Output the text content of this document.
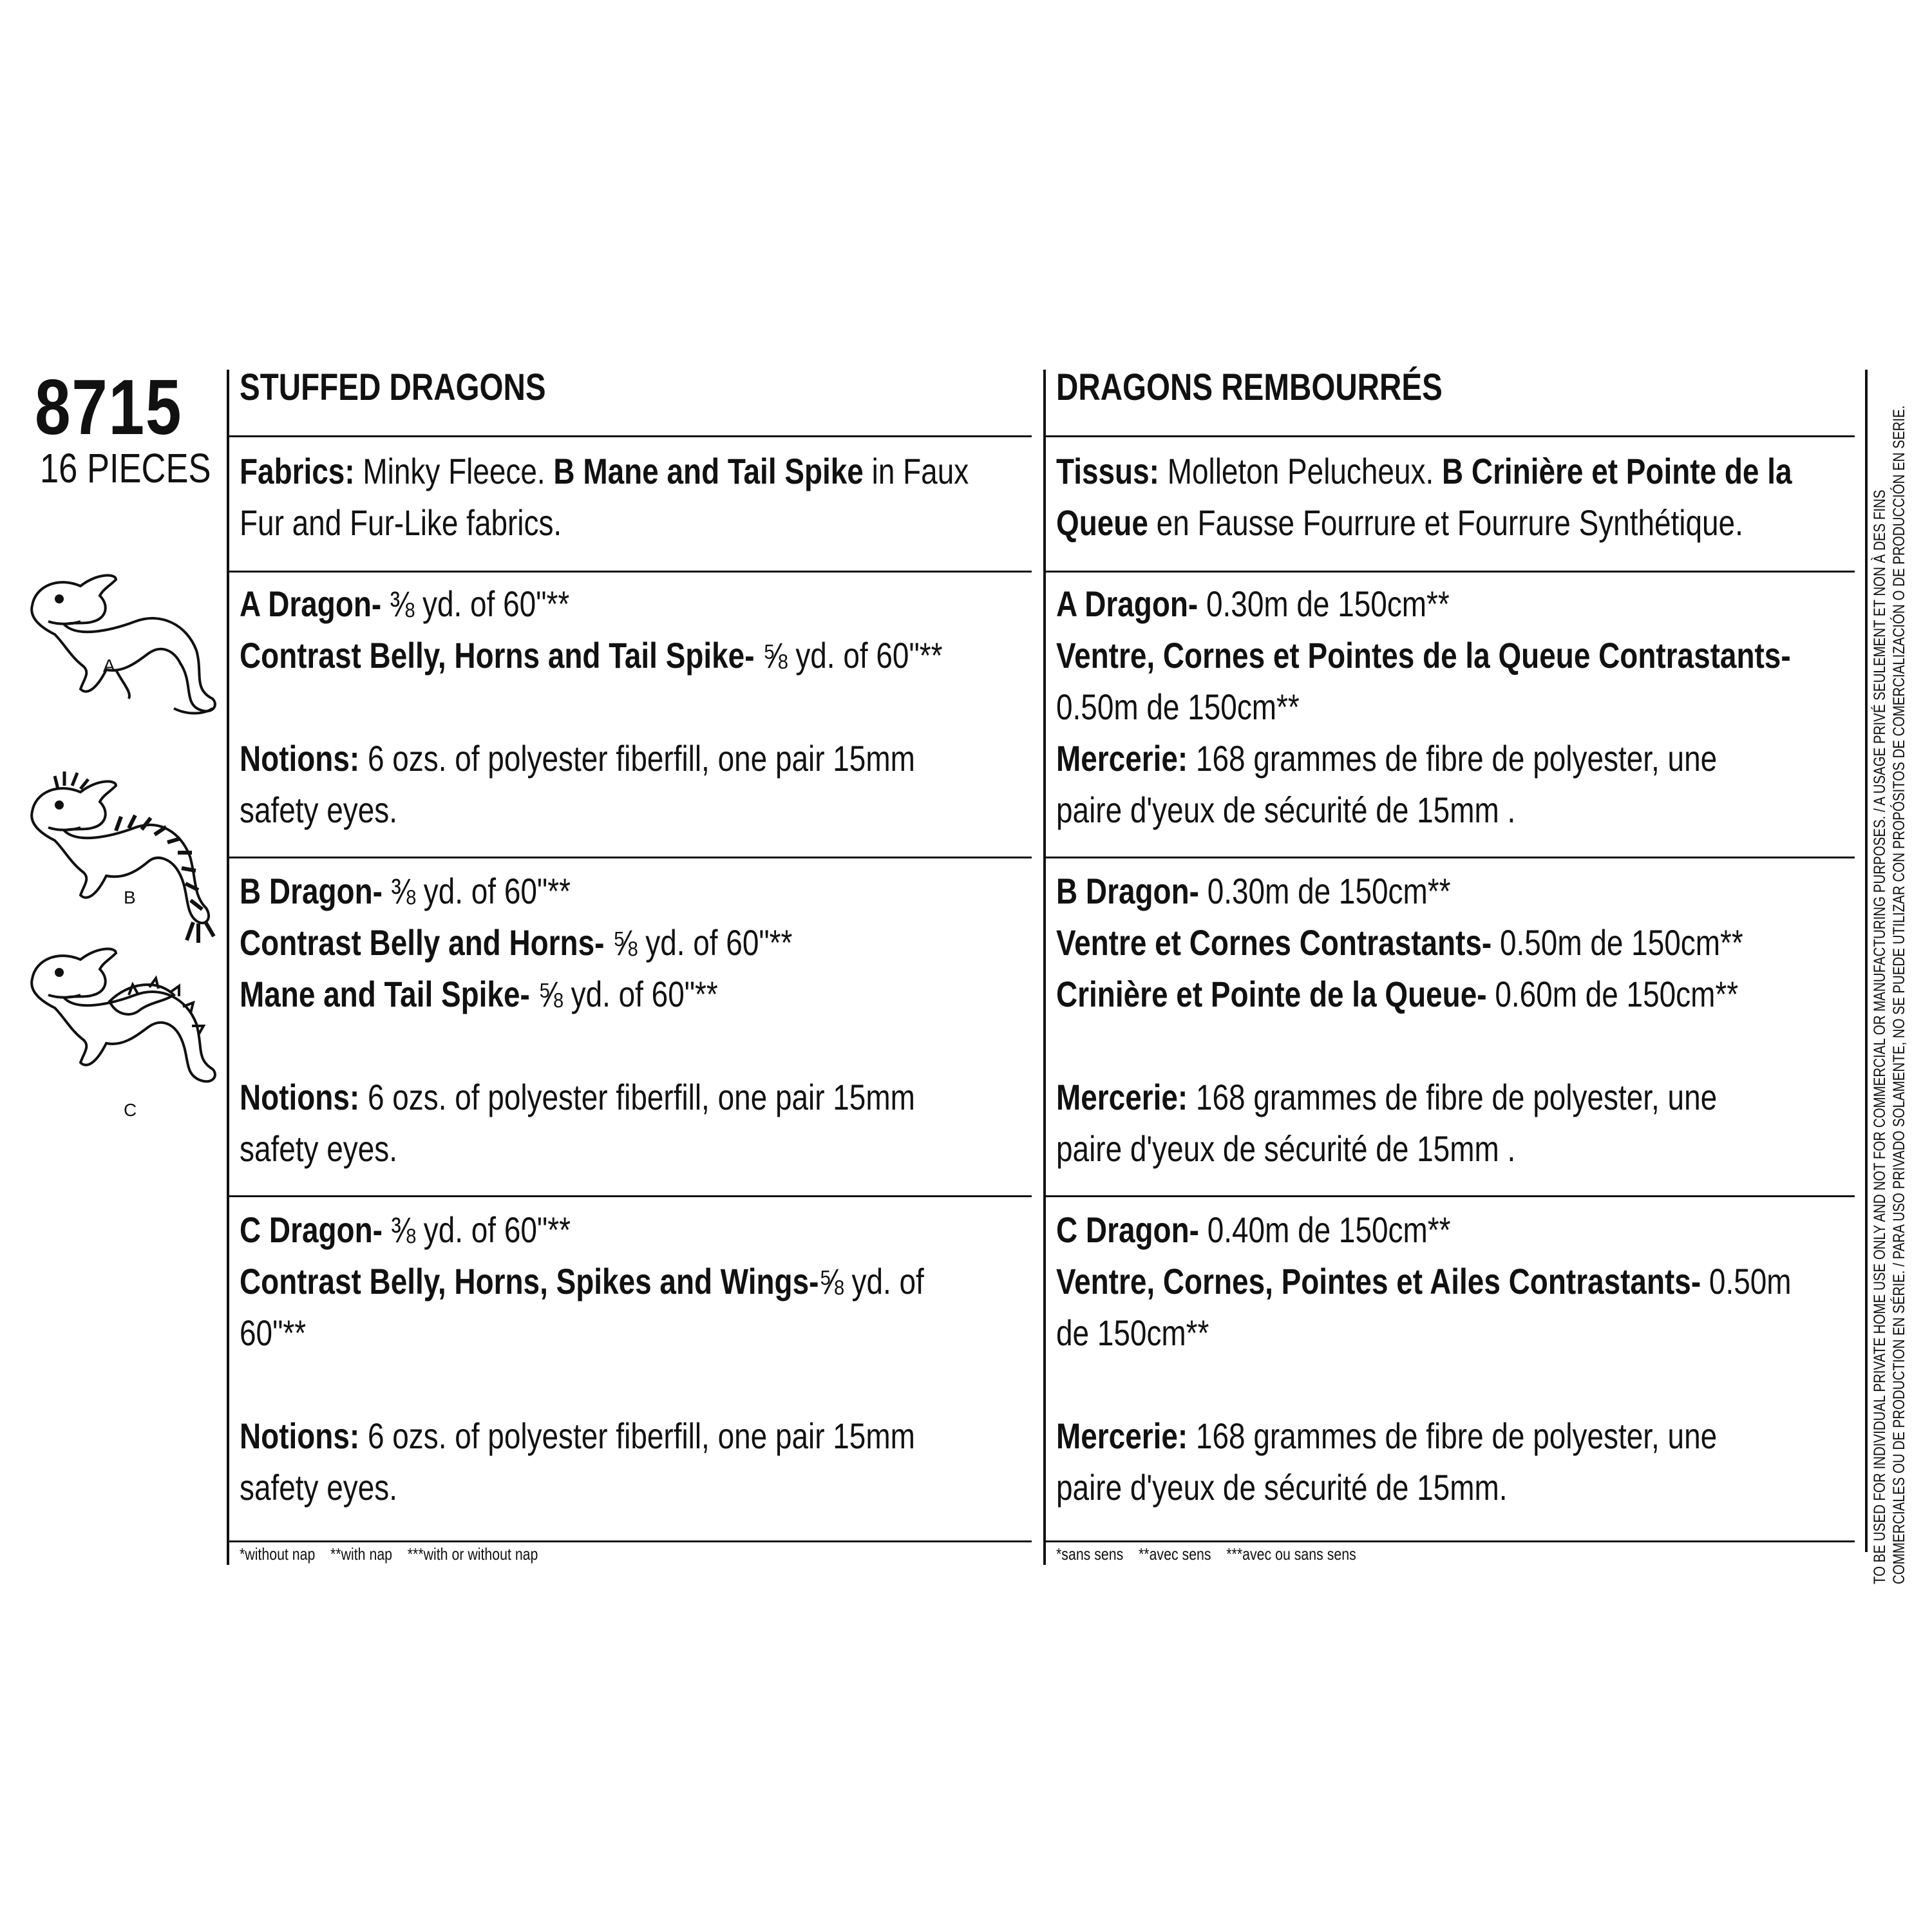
8715
16 PIECES
A
B
C
STUFFED DRAGONS
Fabrics: Minky Fleece. B Mane and Tail Spike in Faux
Fur and Fur-Like fabrics.
A Dragon- ⅜ yd. of 60"**
Contrast Belly, Horns and Tail Spike- ⅝ yd. of 60"**

Notions: 6 ozs. of polyester fiberfill, one pair 15mm
safety eyes.
B Dragon- ⅜ yd. of 60"**
Contrast Belly and Horns- ⅝ yd. of 60"**
Mane and Tail Spike- ⅝ yd. of 60"**

Notions: 6 ozs. of polyester fiberfill, one pair 15mm
safety eyes.
C Dragon- ⅜ yd. of 60"**
Contrast Belly, Horns, Spikes and Wings-⅝ yd. of
60"**

Notions: 6 ozs. of polyester fiberfill, one pair 15mm
safety eyes.
*without nap    **with nap    ***with or without nap
DRAGONS REMBOURRÉS
Tissus: Molleton Pelucheux. B Crinière et Pointe de la
Queue en Fausse Fourrure et Fourrure Synthétique.
A Dragon- 0.30m de 150cm**
Ventre, Cornes et Pointes de la Queue Contrastants-
0.50m de 150cm**
Mercerie: 168 grammes de fibre de polyester, une
paire d'yeux de sécurité de 15mm .
B Dragon- 0.30m de 150cm**
Ventre et Cornes Contrastants- 0.50m de 150cm**
Crinière et Pointe de la Queue- 0.60m de 150cm**

Mercerie: 168 grammes de fibre de polyester, une
paire d'yeux de sécurité de 15mm .
C Dragon- 0.40m de 150cm**
Ventre, Cornes, Pointes et Ailes Contrastants- 0.50m
de 150cm**

Mercerie: 168 grammes de fibre de polyester, une
paire d'yeux de sécurité de 15mm.
*sans sens    **avec sens    ***avec ou sans sens	TO BE USED FOR INDIVIDUAL PRIVATE HOME USE ONLY AND NOT FOR COMMERCIAL OR MANUFACTURING PURPOSES. / A USAGE PRIVÉ SEULEMENT ET NON À DES FINS COMMERCIALES OU DE PRODUCTION EN SÉRIE. / PARA USO PRIVADO SOLAMENTE, NO SE PUEDE UTILIZAR CON PROPÓSITOS DE COMERCIALIZACIÓN O DE PRODUCCIÓN EN SERIE.
